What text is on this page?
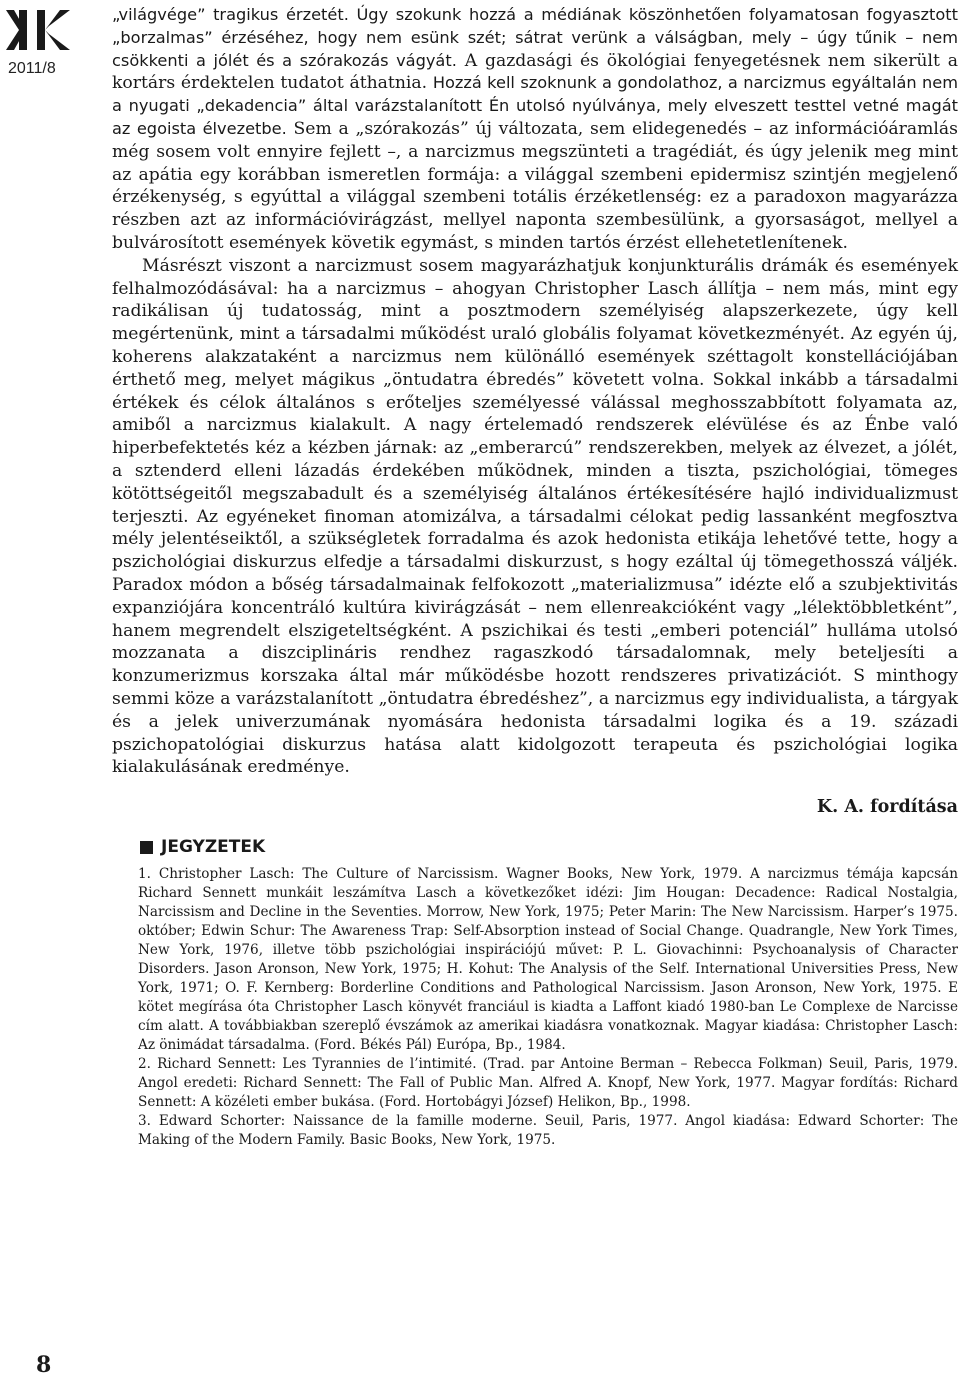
2011/8
8

„világvége” tragikus érzetét. Úgy szokunk hozzá a médiának köszönhetően folyamatosan fogyasztott „borzalmas” érzéséhez, hogy nem esünk szét; sátrat verünk a válságban, mely – úgy tűnik – nem csökkenti a jólét és a szórakozás vágyát. A gazdasági és ökológiai fenyegetésnek nem sikerült a kortárs érdektelen tudatot áthatnia. Hozzá kell szoknunk a gondolathoz, a narcizmus egyáltalán nem a nyugati „dekadencia” által varázstalanított Én utolsó nyúlványa, mely elveszett testtel vetné magát az egoista élvezetbe. Sem a „szórakozás” új változata, sem elidegenedés – az információáramlás még sosem volt ennyire fejlett –, a narcizmus megszünteti a tragédiát, és úgy jelenik meg mint az apátia egy korábban ismeretlen formája: a világgal szembeni epidermisz szintjén megjelenő érzékenység, s egyúttal a világgal szembeni totális érzéketlenség: ez a paradoxon magyarázza részben azt az információvirágzást, mellyel naponta szembesülünk, a gyorsaságot, mellyel a bulvárosított események követik egymást, s minden tartós érzést ellehetetlenítenek.

Másrészt viszont a narcizmust sosem magyarázhatjuk konjunkturális drámák és események felhalmozódásával: ha a narcizmus – ahogyan Christopher Lasch állítja – nem más, mint egy radikálisan új tudatosság, mint a posztmodern személyiség alapszerkezete, úgy kell megértenünk, mint a társadalmi működést uraló globális folyamat következményét. Az egyén új, koherens alakzataként a narcizmus nem különálló események széttagolt konstellációjában érthető meg, melyet mágikus „öntudatra ébredés” követett volna. Sokkal inkább a társadalmi értékek és célok általános s erőteljes személyessé válással meghosszabbított folyamata az, amiből a narcizmus kialakult. A nagy értelemadó rendszerek elévülése és az Énbe való hiperbefektetés kéz a kézben járnak: az „emberarcú” rendszerekben, melyek az élvezet, a jólét, a sztenderd elleni lázadás érdekében működnek, minden a tiszta, pszichológiai, tömeges kötöttségeitől megszabadult és a személyiség általános értékesítésére hajló individualizmust terjeszti. Az egyéneket finoman atomizálva, a társadalmi célokat pedig lassanként megfosztva mély jelentéseiktől, a szükségletek forradalma és azok hedonista etikája lehetővé tette, hogy a pszichológiai diskurzus elfedje a társadalmi diskurzust, s hogy ezáltal új tömegethosszá váljék. Paradox módon a bőség társadalmainak felfokozott „materializmusa” idézte elő a szubjektivitás expanziójára koncentráló kultúra kivirágzását – nem ellenreakcióként vagy „lélektöbbletként”, hanem megrendelt elszigeteltségként. A pszichikai és testi „emberi potenciál” hulláma utolsó mozzanata a diszciplináris rendhez ragaszkodó társadalomnak, mely beteljesíti a konzumerizmus korszaka által már működésbe hozott rendszeres privatizációt. S minthogy semmi köze a varázstalanított „öntudatra ébredéshez”, a narcizmus egy individualista, a tárgyak és a jelek univerzumának nyomására hedonista társadalmi logika és a 19. századi pszichopatológiai diskurzus hatása alatt kidolgozott terapeuta és pszichológiai logika kialakulásának eredménye.

K. A. fordítása
JEGYZETEK

1. Christopher Lasch: The Culture of Narcissism. Wagner Books, New York, 1979. A narcizmus témája kapcsán Richard Sennett munkáit leszámítva Lasch a következőket idézi: Jim Hougan: Decadence: Radical Nostalgia, Narcissism and Decline in the Seventies. Morrow, New York, 1975; Peter Marin: The New Narcissism. Harper’s 1975. október; Edwin Schur: The Awareness Trap: Self-Absorption instead of Social Change. Quadrangle, New York Times, New York, 1976, illetve több pszichológiai inspirációjú művet: P. L. Giovachinni: Psychoanalysis of Character Disorders. Jason Aronson, New York, 1975; H. Kohut: The Analysis of the Self. International Universities Press, New York, 1971; O. F. Kernberg: Borderline Conditions and Pathological Narcissism. Jason Aronson, New York, 1975. E kötet megírása óta Christopher Lasch könyvét franciául is kiadta a Laffont kiadó 1980-ban Le Complexe de Narcisse cím alatt. A továbbiakban szereplő évszámok az amerikai kiadásra vonatkoznak. Magyar kiadása: Christopher Lasch: Az önimádat társadalma. (Ford. Békés Pál) Európa, Bp., 1984.

2. Richard Sennett: Les Tyrannies de l’intimité. (Trad. par Antoine Berman – Rebecca Folkman) Seuil, Paris, 1979. Angol eredeti: Richard Sennett: The Fall of Public Man. Alfred A. Knopf, New York, 1977. Magyar fordítás: Richard Sennett: A közéleti ember bukása. (Ford. Hortobágyi József) Helikon, Bp., 1998.

3. Edward Schorter: Naissance de la famille moderne. Seuil, Paris, 1977. Angol kiadása: Edward Schorter: The Making of the Modern Family. Basic Books, New York, 1975.
